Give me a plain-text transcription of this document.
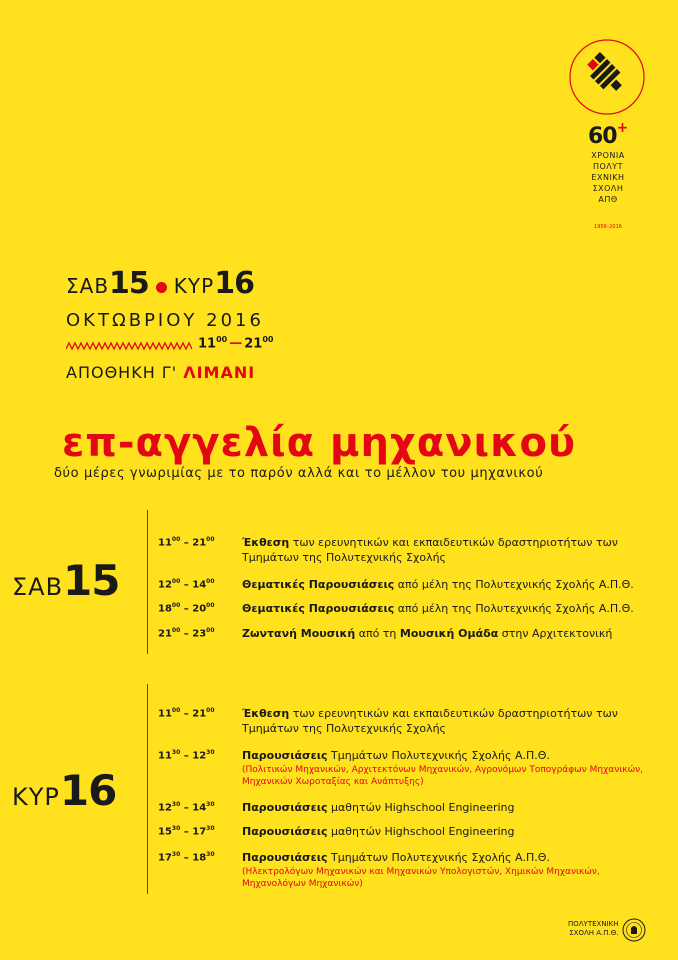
60+
ΧΡΟΝΙΑ
ΠΟΛΥΤ
ΕΧΝΙΚΗ
ΣΧΟΛΗ
ΑΠΘ
1956–2016
ΣΑΒ15 ΚΥΡ16
ΟΚΤΩΒΡΙΟΥ 2016
$11^{00}$ — $21^{00}$
ΑΠΟΘΗΚΗ Γ' ΛΙΜΑΝΙ
επ-αγγελία μηχανικού
δύο μέρες γνωριμίας με το παρόν αλλά και το μέλλον του μηχανικού
ΣΑΒ15
$11^{00} - 21^{00}$	Έκθεση των ερευνητικών και εκπαιδευτικών δραστηριοτήτων των Τμημάτων της Πολυτεχνικής Σχολής
$12^{00} - 14^{00}$	Θεματικές Παρουσιάσεις από μέλη της Πολυτεχνικής Σχολής Α.Π.Θ.
$18^{00} - 20^{00}$	Θεματικές Παρουσιάσεις από μέλη της Πολυτεχνικής Σχολής Α.Π.Θ.
$21^{00} - 23^{00}$	Ζωντανή Μουσική από τη Μουσική Ομάδα στην Αρχιτεκτονική
ΚΥΡ16
$11^{00} - 21^{00}$	Έκθεση των ερευνητικών και εκπαιδευτικών δραστηριοτήτων των Τμημάτων της Πολυτεχνικής Σχολής
$11^{30} - 12^{30}$	Παρουσιάσεις Τμημάτων Πολυτεχνικής Σχολής Α.Π.Θ.
(Πολιτικών Μηχανικών, Αρχιτεκτόνων Μηχανικών, Αγρονόμων Τοπογράφων Μηχανικών, Μηχανικών Χωροταξίας και Ανάπτυξης)
$12^{30} - 14^{30}$	Παρουσιάσεις μαθητών Highschool Engineering
$15^{30} - 17^{30}$	Παρουσιάσεις μαθητών Highschool Engineering
$17^{30} - 18^{30}$	Παρουσιάσεις Τμημάτων Πολυτεχνικής Σχολής Α.Π.Θ.
(Ηλεκτρολόγων Μηχανικών και Μηχανικών Υπολογιστών, Χημικών Μηχανικών, Μηχανολόγων Μηχανικών)
ΠΟΛΥΤΕΧΝΙΚΗ
ΣΧΟΛΗ Α.Π.Θ.
